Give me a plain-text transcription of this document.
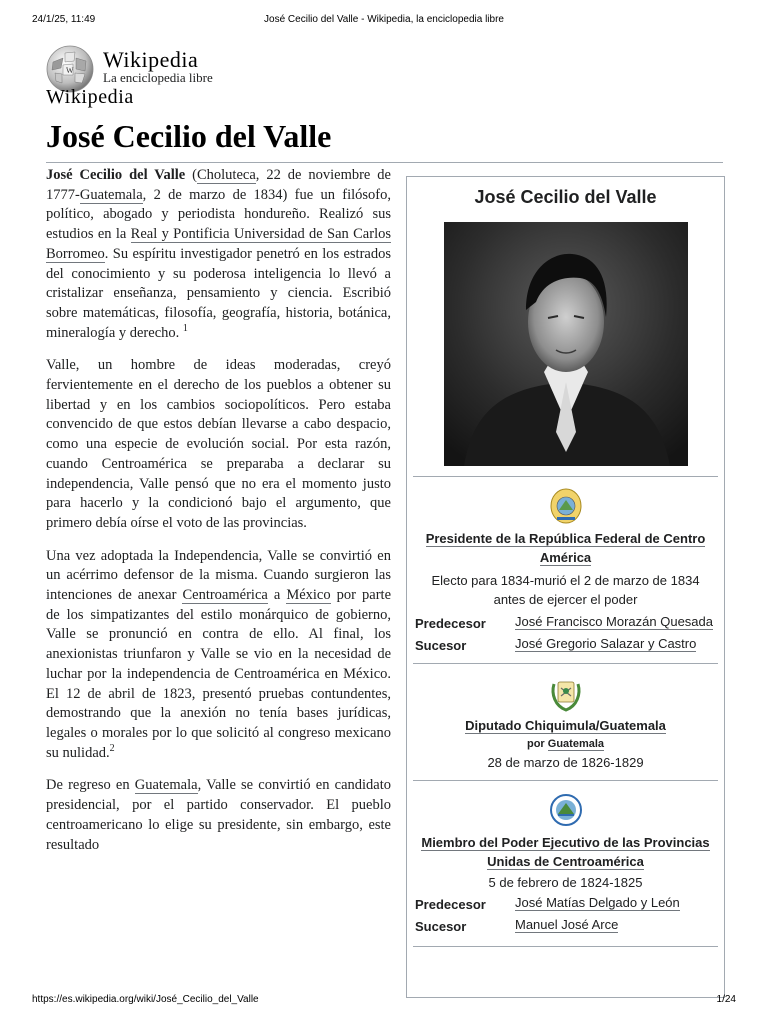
24/1/25, 11:49	José Cecilio del Valle - Wikipedia, la enciclopedia libre
W Wikipedia
La enciclopedia libre
Wikipedia
José Cecilio del Valle

José Cecilio del Valle (Choluteca, 22 de noviembre de 1777-Guatemala, 2 de marzo de 1834) fue un filósofo, político, abogado y periodista hondureño. Realizó sus estudios en la Real y Pontificia Universidad de San Carlos Borromeo. Su espíritu investigador penetró en los estrados del conocimiento y su poderosa inteligencia lo llevó a cristalizar enseñanza, pensamiento y ciencia. Escribió sobre matemáticas, filosofía, geografía, historia, botánica, mineralogía y derecho. $^1$

Valle, un hombre de ideas moderadas, creyó fervientemente en el derecho de los pueblos a obtener su libertad y en los cambios sociopolíticos. Pero estaba convencido de que estos debían llevarse a cabo despacio, como una especie de evolución social. Por esta razón, cuando Centroamérica se preparaba a declarar su independencia, Valle pensó que no era el momento justo para hacerlo y la condicionó bajo el argumento, que primero debía oírse el voto de las provincias.

Una vez adoptada la Independencia, Valle se convirtió en un acérrimo defensor de la misma. Cuando surgieron las intenciones de anexar Centroamérica a México por parte de los simpatizantes del estilo monárquico de gobierno, Valle se pronunció en contra de ello. Al final, los anexionistas triunfaron y Valle se vio en la necesidad de luchar por la independencia de Centroamérica en México. El 12 de abril de 1823, presentó pruebas contundentes, demostrando que la anexión no tenía bases jurídicas, legales o morales por lo que solicitó al congreso mexicano su nulidad.$^2$

De regreso en Guatemala, Valle se convirtió en candidato presidencial, por el partido conservador. El pueblo centroamericano lo elige su presidente, sin embargo, este resultado

José Cecilio del Valle
Presidente de la República Federal de Centro América
Electo para 1834-murió el 2 de marzo de 1834 antes de ejercer el poder
Predecesor	José Francisco Morazán Quesada
Sucesor	José Gregorio Salazar y Castro
Diputado Chiquimula/Guatemala
por Guatemala
28 de marzo de 1826-1829
Miembro del Poder Ejecutivo de las Provincias Unidas de Centroamérica
5 de febrero de 1824-1825
Predecesor	José Matías Delgado y León
Sucesor	Manuel José Arce
https://es.wikipedia.org/wiki/José_Cecilio_del_Valle	1/24
